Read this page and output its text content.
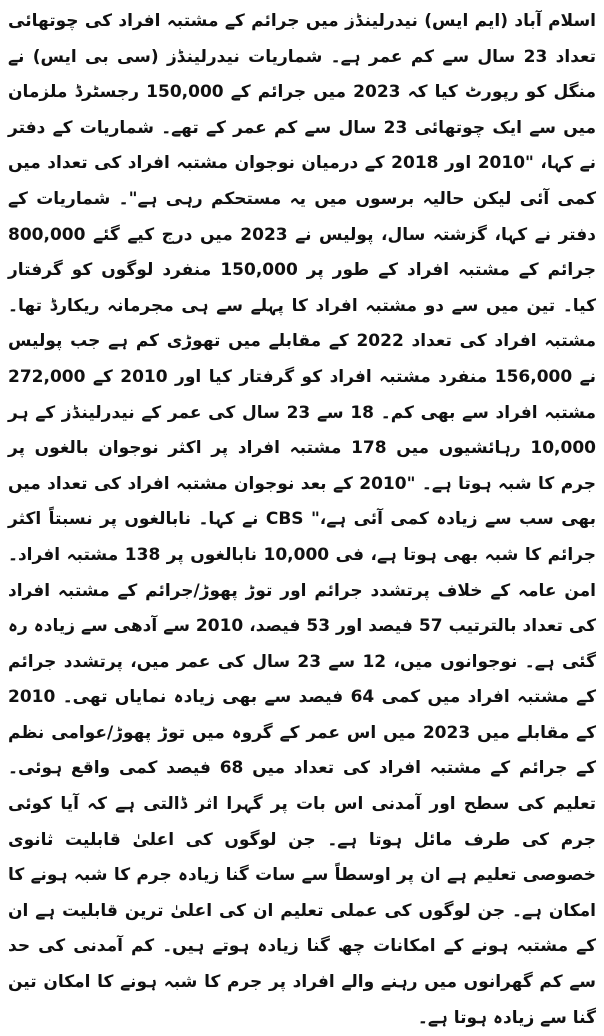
اسلام آباد (ایم ایس) نیدرلینڈز میں جرائم کے مشتبہ افراد کی چوتھائی تعداد 23 سال سے کم عمر ہے۔ شماریات نیدرلینڈز (سی بی ایس) نے منگل کو رپورٹ کیا کہ 2023 میں جرائم کے 150,000 رجسٹرڈ ملزمان میں سے ایک چوتھائی 23 سال سے کم عمر کے تھے۔ شماریات کے دفتر نے کہا، "2010 اور 2018 کے درمیان نوجوان مشتبہ افراد کی تعداد میں کمی آئی لیکن حالیہ برسوں میں یہ مستحکم رہی ہے"۔ شماریات کے دفتر نے کہا، گزشتہ سال، پولیس نے 2023 میں درج کیے گئے 800,000 جرائم کے مشتبہ افراد کے طور پر 150,000 منفرد لوگوں کو گرفتار کیا۔ تین میں سے دو مشتبہ افراد کا پہلے سے ہی مجرمانہ ریکارڈ تھا۔ مشتبہ افراد کی تعداد 2022 کے مقابلے میں تھوڑی کم ہے جب پولیس نے 156,000 منفرد مشتبہ افراد کو گرفتار کیا اور 2010 کے 272,000 مشتبہ افراد سے بھی کم۔ 18 سے 23 سال کی عمر کے نیدرلینڈز کے ہر 10,000 رہائشیوں میں 178 مشتبہ افراد پر اکثر نوجوان بالغوں پر جرم کا شبہ ہوتا ہے۔ "2010 کے بعد نوجوان مشتبہ افراد کی تعداد میں بھی سب سے زیادہ کمی آئی ہے،" CBS نے کہا۔ نابالغوں پر نسبتاً اکثر جرائم کا شبہ بھی ہوتا ہے، فی 10,000 نابالغوں پر 138 مشتبہ افراد۔ امن عامہ کے خلاف پرتشدد جرائم اور توڑ پھوڑ/جرائم کے مشتبہ افراد کی تعداد بالترتیب 57 فیصد اور 53 فیصد، 2010 سے آدھی سے زیادہ رہ گئی ہے۔ نوجوانوں میں، 12 سے 23 سال کی عمر میں، پرتشدد جرائم کے مشتبہ افراد میں کمی 64 فیصد سے بھی زیادہ نمایاں تھی۔ 2010 کے مقابلے میں 2023 میں اس عمر کے گروہ میں توڑ پھوڑ/عوامی نظم کے جرائم کے مشتبہ افراد کی تعداد میں 68 فیصد کمی واقع ہوئی۔ تعلیم کی سطح اور آمدنی اس بات پر گہرا اثر ڈالتی ہے کہ آیا کوئی جرم کی طرف مائل ہوتا ہے۔ جن لوگوں کی اعلیٰ قابلیت ثانوی خصوصی تعلیم ہے ان پر اوسطاً سے سات گنا زیادہ جرم کا شبہ ہونے کا امکان ہے۔ جن لوگوں کی عملی تعلیم ان کی اعلیٰ ترین قابلیت ہے ان کے مشتبہ ہونے کے امکانات چھ گنا زیادہ ہوتے ہیں۔ کم آمدنی کی حد سے کم گھرانوں میں رہنے والے افراد پر جرم کا شبہ ہونے کا امکان تین گنا سے زیادہ ہوتا ہے۔
